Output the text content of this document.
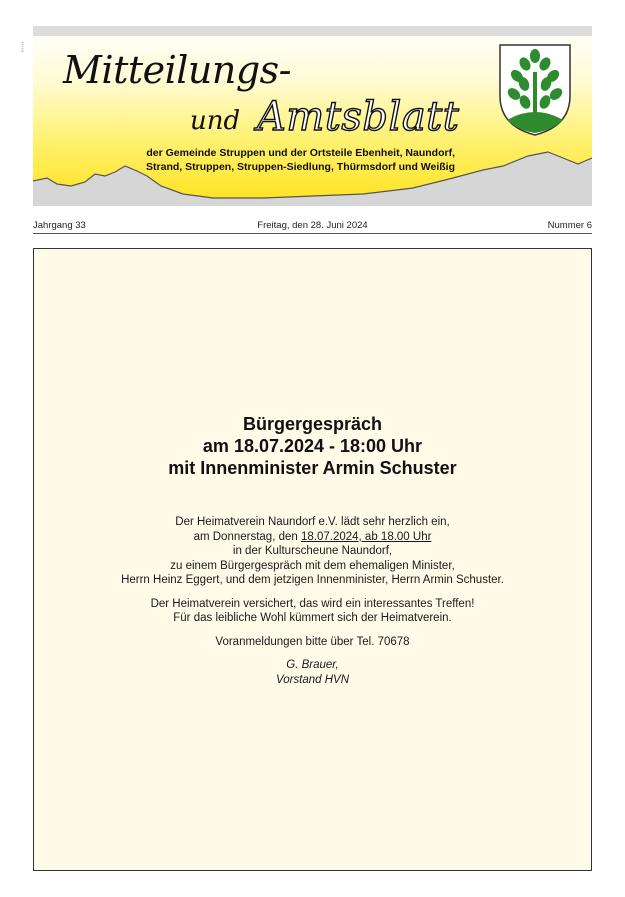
Pr.+H
Mitteilungs-
und Amtsblatt
der Gemeinde Struppen und der Ortsteile Ebenheit, Naundorf,
Strand, Struppen, Struppen-Siedlung, Thürmsdorf und Weißig
Jahrgang 33	Freitag, den 28. Juni 2024	Nummer 6
Bürgergespräch
am 18.07.2024 - 18:00 Uhr
mit Innenminister Armin Schuster
Der Heimatverein Naundorf e.V. lädt sehr herzlich ein,
am Donnerstag, den 18.07.2024, ab 18.00 Uhr
in der Kulturscheune Naundorf,
zu einem Bürgergespräch mit dem ehemaligen Minister,
Herrn Heinz Eggert, und dem jetzigen Innenminister, Herrn Armin Schuster.
Der Heimatverein versichert, das wird ein interessantes Treffen!
Für das leibliche Wohl kümmert sich der Heimatverein.
Voranmeldungen bitte über Tel. 70678
G. Brauer,
Vorstand HVN
